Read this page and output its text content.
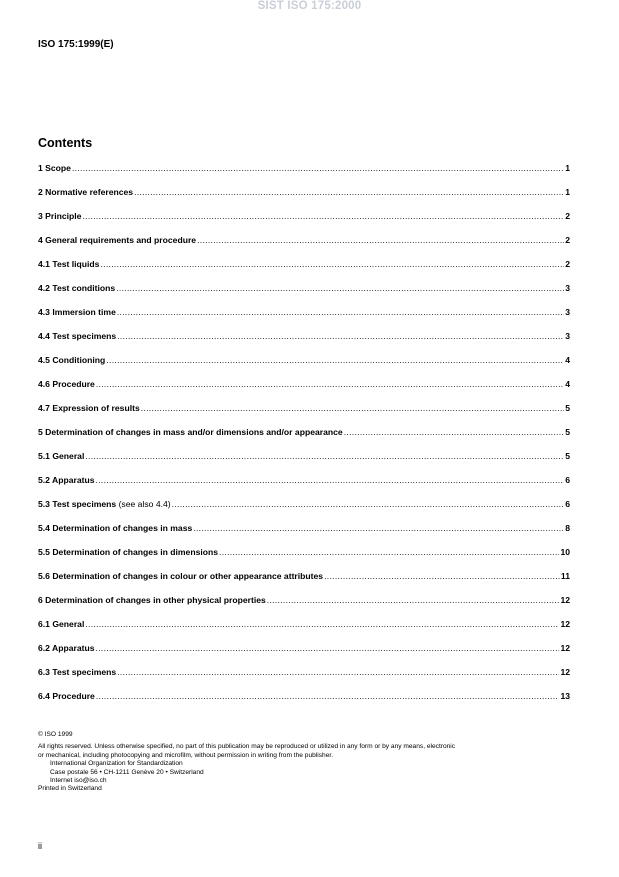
SIST ISO 175:2000
ISO 175:1999(E)
Contents
1 Scope .....	1
2 Normative references .....	1
3 Principle .....	2
4 General requirements and procedure .....	2
4.1 Test liquids .....	2
4.2 Test conditions .....	3
4.3 Immersion time .....	3
4.4 Test specimens .....	3
4.5 Conditioning .....	4
4.6 Procedure .....	4
4.7 Expression of results .....	5
5 Determination of changes in mass and/or dimensions and/or appearance .....	5
5.1 General .....	5
5.2 Apparatus .....	6
5.3 Test specimens (see also 4.4) .....	6
5.4 Determination of changes in mass .....	8
5.5 Determination of changes in dimensions .....	10
5.6 Determination of changes in colour or other appearance attributes .....	11
6 Determination of changes in other physical properties .....	12
6.1 General .....	12
6.2 Apparatus .....	12
6.3 Test specimens .....	12
6.4 Procedure .....	13
© ISO 1999
All rights reserved. Unless otherwise specified, no part of this publication may be reproduced or utilized in any form or by any means, electronic
or mechanical, including photocopying and microfilm, without permission in writing from the publisher.
International Organization for Standardization
Case postale 56 • CH-1211 Genève 20 • Switzerland
Internet iso@iso.ch
Printed in Switzerland
ii
